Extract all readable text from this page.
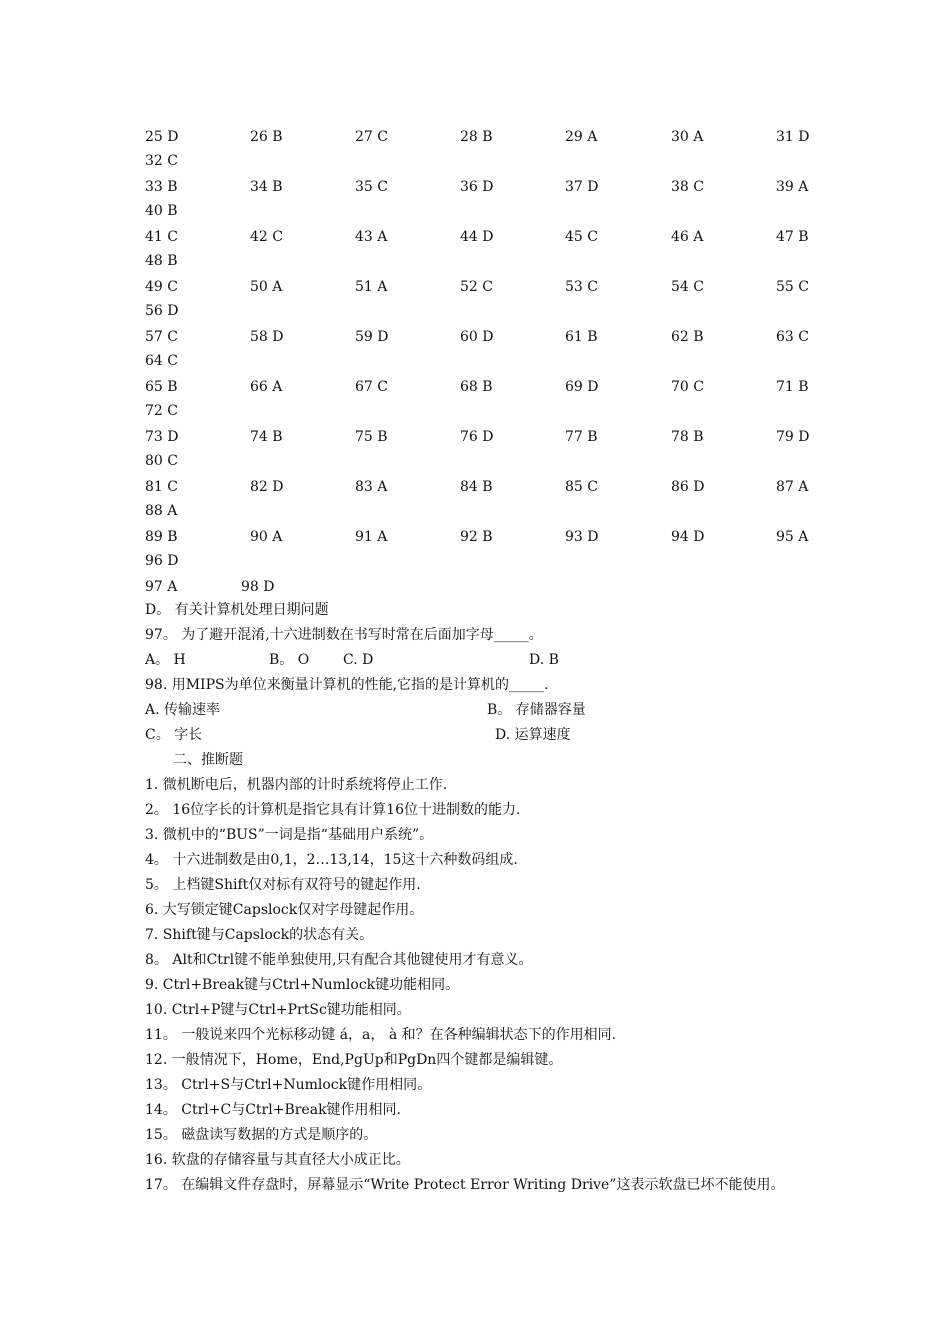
25 D	26 B	27 C	28 B	29 A	30 A	31 D
32 C
33 B	34 B	35 C	36 D	37 D	38 C	39 A
40 B
41 C	42 C	43 A	44 D	45 C	46 A	47 B
48 B
49 C	50 A	51 A	52 C	53 C	54 C	55 C
56 D
57 C	58 D	59 D	60 D	61 B	62 B	63 C
64 C
65 B	66 A	67 C	68 B	69 D	70 C	71 B
72 C
73 D	74 B	75 B	76 D	77 B	78 B	79 D
80 C
81 C	82 D	83 A	84 B	85 C	86 D	87 A
88 A
89 B	90 A	91 A	92 B	93 D	94 D	95 A
96 D
97 A	98 D
D。 有关计算机处理日期问题
97。 为了避开混淆,十六进制数在书写时常在后面加字母_____。
A。 H	B。 O C. D	D. B
98. 用MIPS为单位来衡量计算机的性能,它指的是计算机的_____.
A. 传输速率	B。 存储器容量
C。 字长	D. 运算速度
二、推断题
1. 微机断电后，机器内部的计时系统将停止工作.
2。 16位字长的计算机是指它具有计算16位十进制数的能力.
3. 微机中的“BUS”一词是指“基础用户系统”。
4。 十六进制数是由0,1，2…13,14，15这十六种数码组成.
5。 上档键Shift仅对标有双符号的键起作用.
6. 大写锁定键Capslock仅对字母键起作用。
7. Shift键与Capslock的状态有关。
8。 Alt和Ctrl键不能单独使用,只有配合其他键使用才有意义。
9. Ctrl+Break键与Ctrl+Numlock键功能相同。
10. Ctrl+P键与Ctrl+PrtSc键功能相同。
11。 一般说来四个光标移动键 á，a， à 和？在各种编辑状态下的作用相同.
12. 一般情况下，Home，End,PgUp和PgDn四个键都是编辑键。
13。 Ctrl+S与Ctrl+Numlock键作用相同。
14。 Ctrl+C与Ctrl+Break键作用相同.
15。 磁盘读写数据的方式是顺序的。
16. 软盘的存储容量与其直径大小成正比。
17。 在编辑文件存盘时，屏幕显示“Write Protect Error Writing Drive”这表示软盘已坏不能使用。
